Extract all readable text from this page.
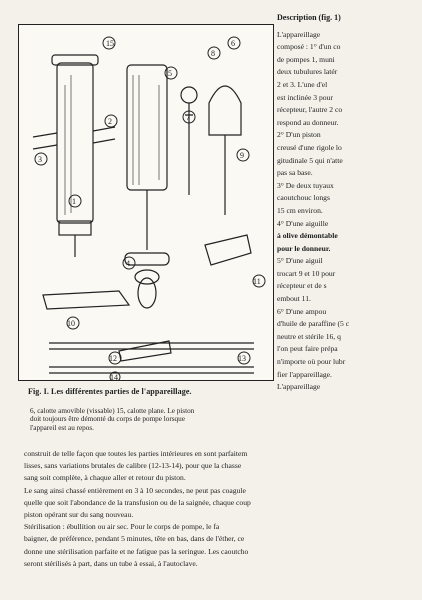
15	6
5
8
7
9
2
1
3
4
10
11
12	13
14
Fig. I. Les différentes parties de l'appareillage.
6, calotte amovible (vissable) 15, calotte plane. Le piston
doit toujours être démonté du corps de pompe lorsque
l'appareil est au repos.
Description (fig. 1)
L'appareillage
composé : 1° d'un co
de pompes 1, muni
deux tubulures latér
2 et 3. L'une d'el
est inclinée 3 pour
récepteur, l'autre 2 co
respond au donneur.
2° D'un piston
creusé d'une rigole lo
gitudinale 5 qui n'atte
pas sa base.
3° De deux tuyaux
caoutchouc longs
15 cm environ.
4° D'une aiguille
à olive démontable
pour le donneur.
5° D'une aiguil
trocart 9 et 10 pour
récepteur et de s
embout 11.
6° D'une ampou
d'huile de paraffine (5 c
neutre et stérile 16, q
l'on peut faire prépa
n'importe où pour lubr
fier l'appareillage.
L'appareillage
construit de telle façon que toutes les parties intérieures en sont parfaitem
lisses, sans variations brutales de calibre (12-13-14), pour que la chasse
sang soit complète, à chaque aller et retour du piston.
Le sang ainsi chassé entièrement en 3 à 10 secondes, ne peut pas coagule
quelle que soit l'abondance de la transfusion ou de la saignée, chaque coup
piston opérant sur du sang nouveau.
Stérilisation : ébullition ou air sec. Pour le corps de pompe, le fa
baigner, de préférence, pendant 5 minutes, tête en bas, dans de l'éther, ce
donne une stérilisation parfaite et ne fatigue pas la seringue. Les caoutcho
seront stérilisés à part, dans un tube à essai, à l'autoclave.
